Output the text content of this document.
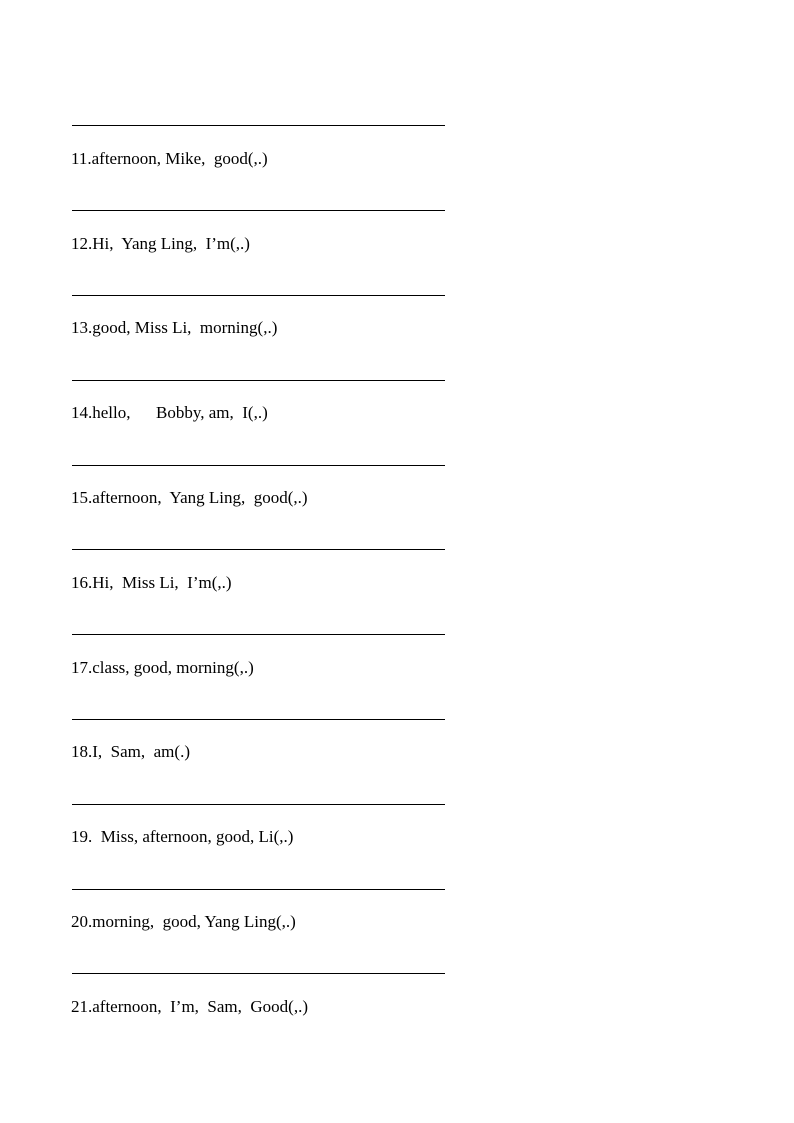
11.afternoon, Mike,  good(,.)
12.Hi,  Yang Ling,  I’m(,.)
13.good, Miss Li,  morning(,.)
14.hello,      Bobby, am,  I(,.)
15.afternoon,  Yang Ling,  good(,.)
16.Hi,  Miss Li,  I’m(,.)
17.class, good, morning(,.)
18.I,  Sam,  am(.)
19.  Miss, afternoon, good, Li(,.)
20.morning,  good, Yang Ling(,.)
21.afternoon,  I’m,  Sam,  Good(,.)
